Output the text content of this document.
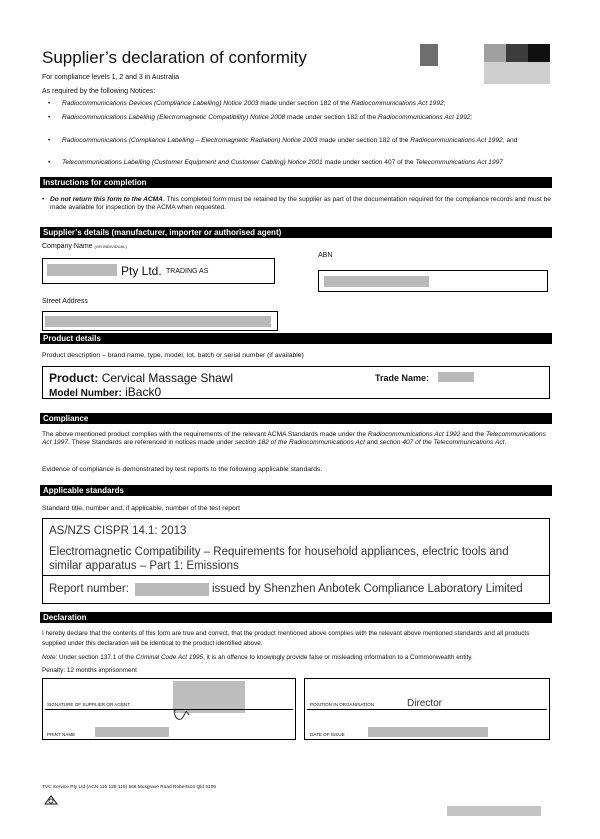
Supplier’s declaration of conformity
For compliance levels 1, 2 and 3 in Australia
As required by the following Notices:
• Radiocommunications Devices (Compliance Labelling) Notice 2003 made under section 182 of the Radiocommunications Act 1992;
• Radiocommunications Labelling (Electromagnetic Compatibility) Notice 2008 made under section 182 of the Radiocommunications Act 1992;
• Radiocommunications (Compliance Labelling – Electromagnetic Radiation) Notice 2003 made under section 182 of the Radiocommunications Act 1992; and
• Telecommunications Labelling (Customer Equipment and Customer Cabling) Notice 2001 made under section 407 of the Telecommunications Act 1997
Instructions for completion
• Do not return this form to the ACMA. This completed form must be retained by the supplier as part of the documentation required for the compliance records and must be made available for inspection by the ACMA when requested.
Supplier’s details (manufacturer, importer or authorised agent)
Company Name (OR INDIVIDUAL)
Pty Ltd. TRADING AS
ABN
Street Address
Product details
Product description – brand name, type, model, lot, batch or serial number (if available)
Product: Cervical Massage Shawl
Model Number: iBack0
Trade Name:
Compliance
The above mentioned product complies with the requirements of the relevant ACMA Standards made under the Radiocommunications Act 1992 and the Telecommunications Act 1997. These Standards are referenced in notices made under section 182 of the Radiocommunications Act and section 407 of the Telecommunications Act.
Evidence of compliance is demonstrated by test reports to the following applicable standards.
Applicable standards
Standard title, number and, if applicable, number of the test report
AS/NZS CISPR 14.1: 2013
Electromagnetic Compatibility – Requirements for household appliances, electric tools and similar apparatus – Part 1: Emissions
Report number:	issued by Shenzhen Anbotek Compliance Laboratory Limited
Declaration
I hereby declare that the contents of this form are true and correct, that the product mentioned above complies with the relevant above mentioned standards and all products supplied under this declaration will be identical to the product identified above.
Note: Under section 137.1 of the Criminal Code Act 1995, it is an offence to knowingly provide false or misleading information to a Commonwealth entity.
Penalty: 12 months imprisonment
SIGNATURE OF SUPPLIER OR AGENT
PRINT NAME
POSITION IN ORGANISATION	Director
DATE OF ISSUE
TVC Service Pty Ltd (ACN 115 128 115) 566 Musgrave Road Robertson Qld 4109
